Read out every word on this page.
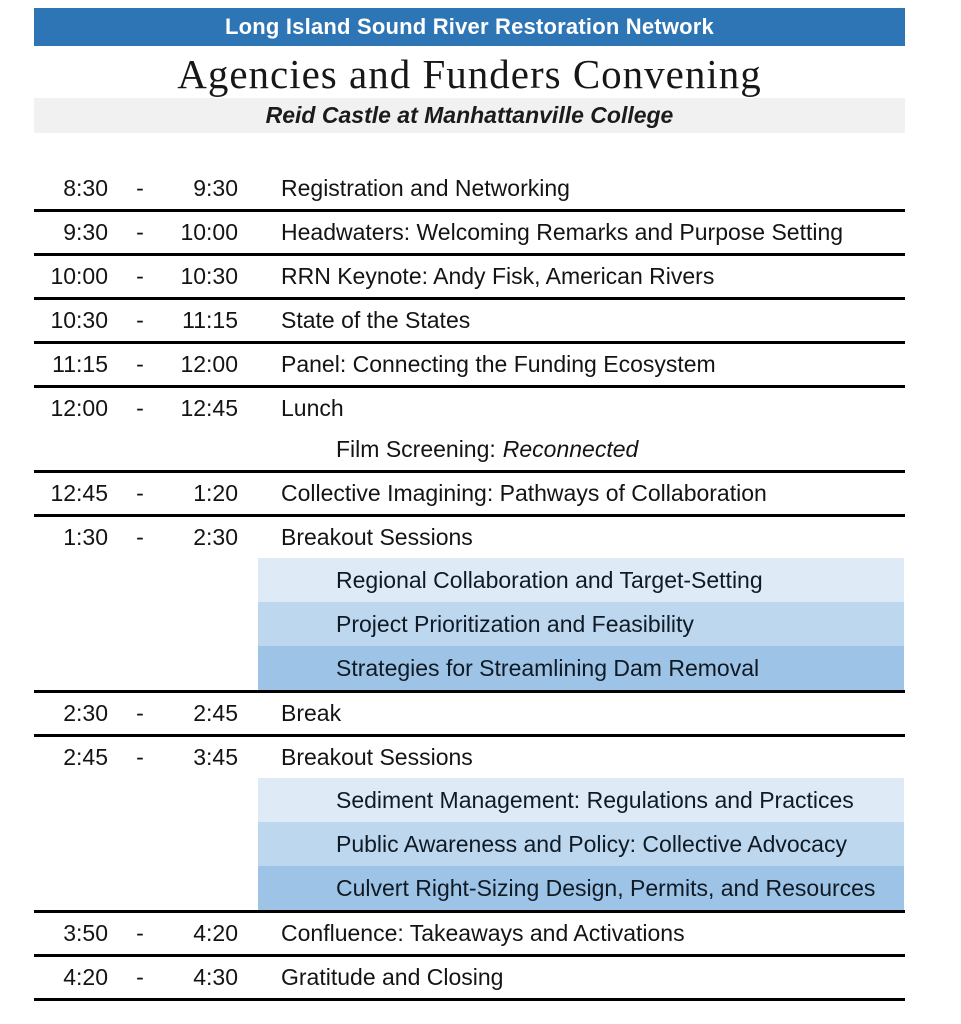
Long Island Sound River Restoration Network
Agencies and Funders Convening
Reid Castle at Manhattanville College
8:30	-	9:30	Registration and Networking
9:30	-	10:00	Headwaters: Welcoming Remarks and Purpose Setting
10:00	-	10:30	RRN Keynote: Andy Fisk, American Rivers
10:30	-	11:15	State of the States
11:15	-	12:00	Panel: Connecting the Funding Ecosystem
12:00	-	12:45	Lunch
Film Screening: Reconnected
12:45	-	1:20	Collective Imagining: Pathways of Collaboration
1:30	-	2:30	Breakout Sessions
Regional Collaboration and Target-Setting
Project Prioritization and Feasibility
Strategies for Streamlining Dam Removal
2:30	-	2:45	Break
2:45	-	3:45	Breakout Sessions
Sediment Management: Regulations and Practices
Public Awareness and Policy: Collective Advocacy
Culvert Right-Sizing Design, Permits, and Resources
3:50	-	4:20	Confluence: Takeaways and Activations
4:20	-	4:30	Gratitude and Closing
